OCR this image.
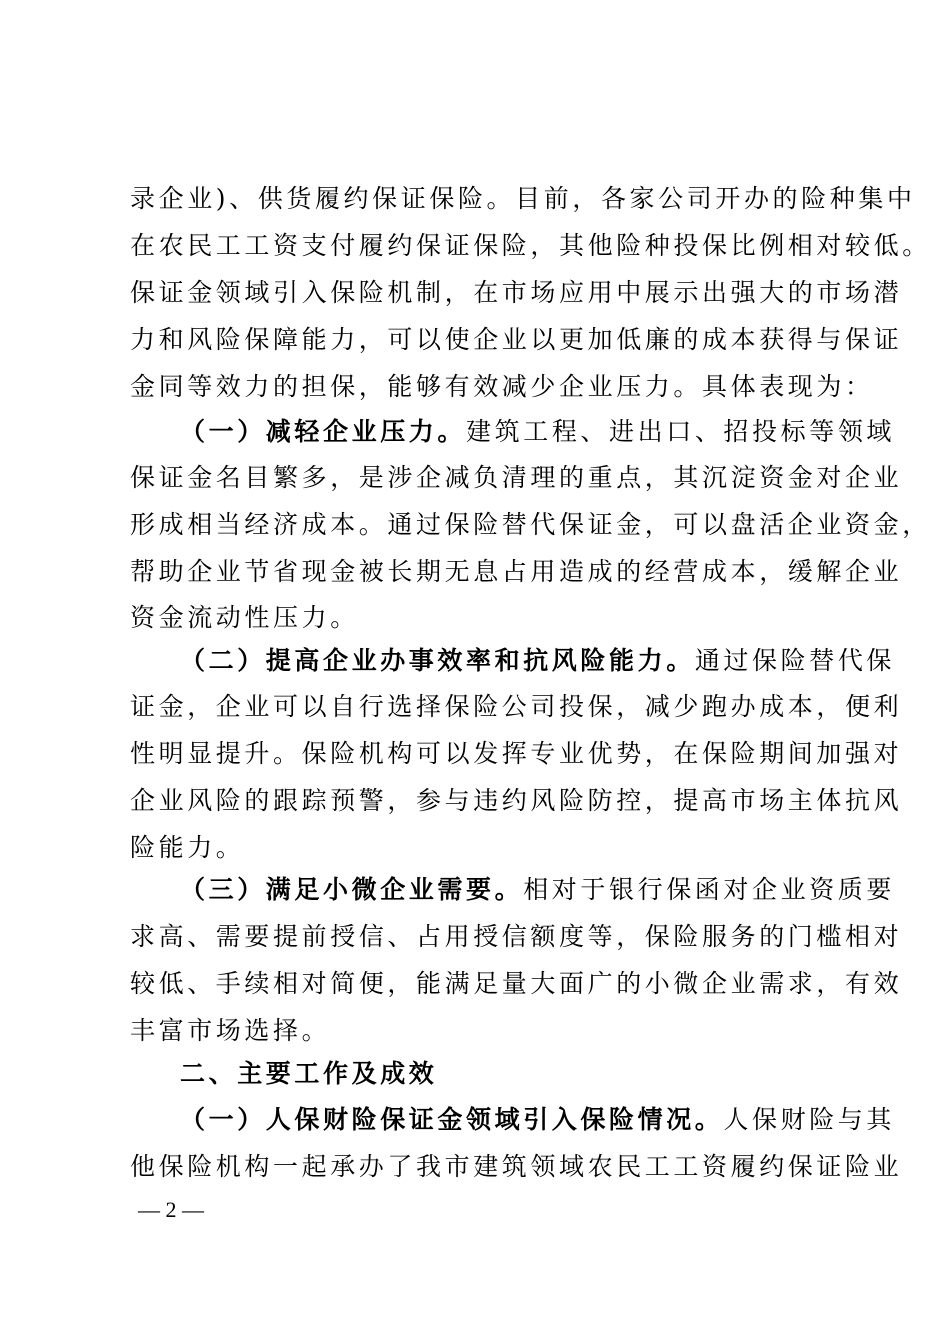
录企业)、供货履约保证保险。目前，各家公司开办的险种集中
在农民工工资支付履约保证保险，其他险种投保比例相对较低。
保证金领域引入保险机制，在市场应用中展示出强大的市场潜
力和风险保障能力，可以使企业以更加低廉的成本获得与保证
金同等效力的担保，能够有效减少企业压力。具体表现为：
（一）减轻企业压力。建筑工程、进出口、招投标等领域
保证金名目繁多，是涉企减负清理的重点，其沉淀资金对企业
形成相当经济成本。通过保险替代保证金，可以盘活企业资金，
帮助企业节省现金被长期无息占用造成的经营成本，缓解企业
资金流动性压力。
（二）提高企业办事效率和抗风险能力。通过保险替代保
证金，企业可以自行选择保险公司投保，减少跑办成本，便利
性明显提升。保险机构可以发挥专业优势，在保险期间加强对
企业风险的跟踪预警，参与违约风险防控，提高市场主体抗风
险能力。
（三）满足小微企业需要。相对于银行保函对企业资质要
求高、需要提前授信、占用授信额度等，保险服务的门槛相对
较低、手续相对简便，能满足量大面广的小微企业需求，有效
丰富市场选择。
二、主要工作及成效
（一）人保财险保证金领域引入保险情况。人保财险与其
他保险机构一起承办了我市建筑领域农民工工资履约保证险业
— 2 —
